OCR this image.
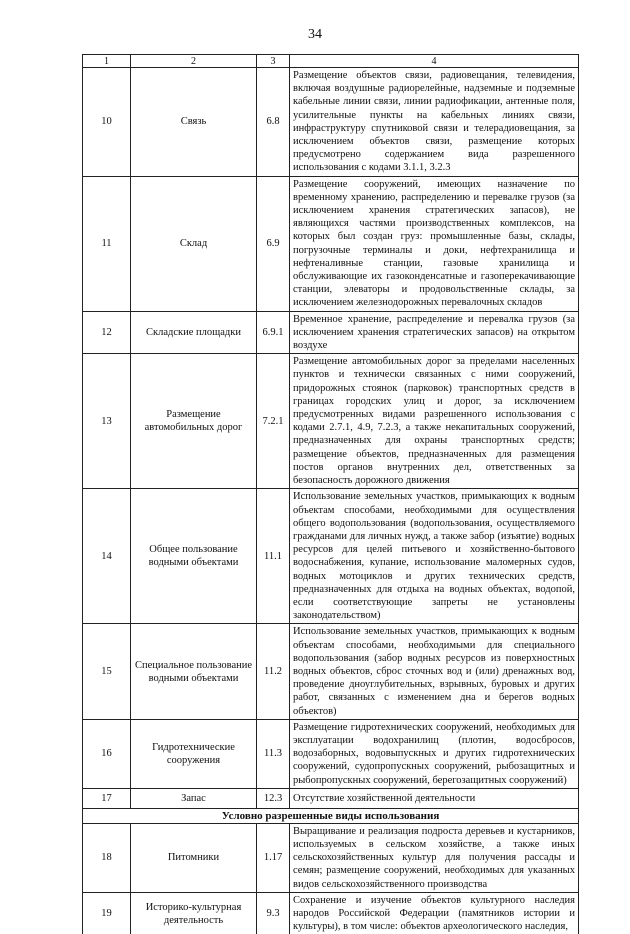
34
1	2	3	4
10	Связь	6.8	Размещение объектов связи, радиовещания, телевидения, включая воздушные радиорелейные, надземные и подземные кабельные линии связи, линии радиофикации, антенные поля, усилительные пункты на кабельных линиях связи, инфраструктуру спутниковой связи и телерадиовещания, за исключением объектов связи, размещение которых предусмотрено содержанием вида разрешенного использования с кодами 3.1.1, 3.2.3
11	Склад	6.9	Размещение сооружений, имеющих назначение по временному хранению, распределению и перевалке грузов (за исключением хранения стратегических запасов), не являющихся частями производственных комплексов, на которых был создан груз: промышленные базы, склады, погрузочные терминалы и доки, нефтехранилища и нефтеналивные станции, газовые хранилища и обслуживающие их газоконденсатные и газоперекачивающие станции, элеваторы и продовольственные склады, за исключением железнодорожных перевалочных складов
12	Складские площадки	6.9.1	Временное хранение, распределение и перевалка грузов (за исключением хранения стратегических запасов) на открытом воздухе
13	Размещение автомобильных дорог	7.2.1	Размещение автомобильных дорог за пределами населенных пунктов и технически связанных с ними сооружений, придорожных стоянок (парковок) транспортных средств в границах городских улиц и дорог, за исключением предусмотренных видами разрешенного использования с кодами 2.7.1, 4.9, 7.2.3, а также некапитальных сооружений, предназначенных для охраны транспортных средств; размещение объектов, предназначенных для размещения постов органов внутренних дел, ответственных за безопасность дорожного движения
14	Общее пользование водными объектами	11.1	Использование земельных участков, примыкающих к водным объектам способами, необходимыми для осуществления общего водопользования (водопользования, осуществляемого гражданами для личных нужд, а также забор (изъятие) водных ресурсов для целей питьевого и хозяйственно-бытового водоснабжения, купание, использование маломерных судов, водных мотоциклов и других технических средств, предназначенных для отдыха на водных объектах, водопой, если соответствующие запреты не установлены законодательством)
15	Специальное пользование водными объектами	11.2	Использование земельных участков, примыкающих к водным объектам способами, необходимыми для специального водопользования (забор водных ресурсов из поверхностных водных объектов, сброс сточных вод и (или) дренажных вод, проведение дноуглубительных, взрывных, буровых и других работ, связанных с изменением дна и берегов водных объектов)
16	Гидротехнические сооружения	11.3	Размещение гидротехнических сооружений, необходимых для эксплуатации водохранилищ (плотин, водосбросов, водозаборных, водовыпускных и других гидротехнических сооружений, судопропускных сооружений, рыбозащитных и рыбопропускных сооружений, берегозащитных сооружений)
17	Запас	12.3	Отсутствие хозяйственной деятельности
Условно разрешенные виды использования			
18	Питомники	1.17	Выращивание и реализация подроста деревьев и кустарников, используемых в сельском хозяйстве, а также иных сельскохозяйственных культур для получения рассады и семян; размещение сооружений, необходимых для указанных видов сельскохозяйственного производства
19	Историко-культурная деятельность	9.3	Сохранение и изучение объектов культурного наследия народов Российской Федерации (памятников истории и культуры), в том числе: объектов археологического наследия,
